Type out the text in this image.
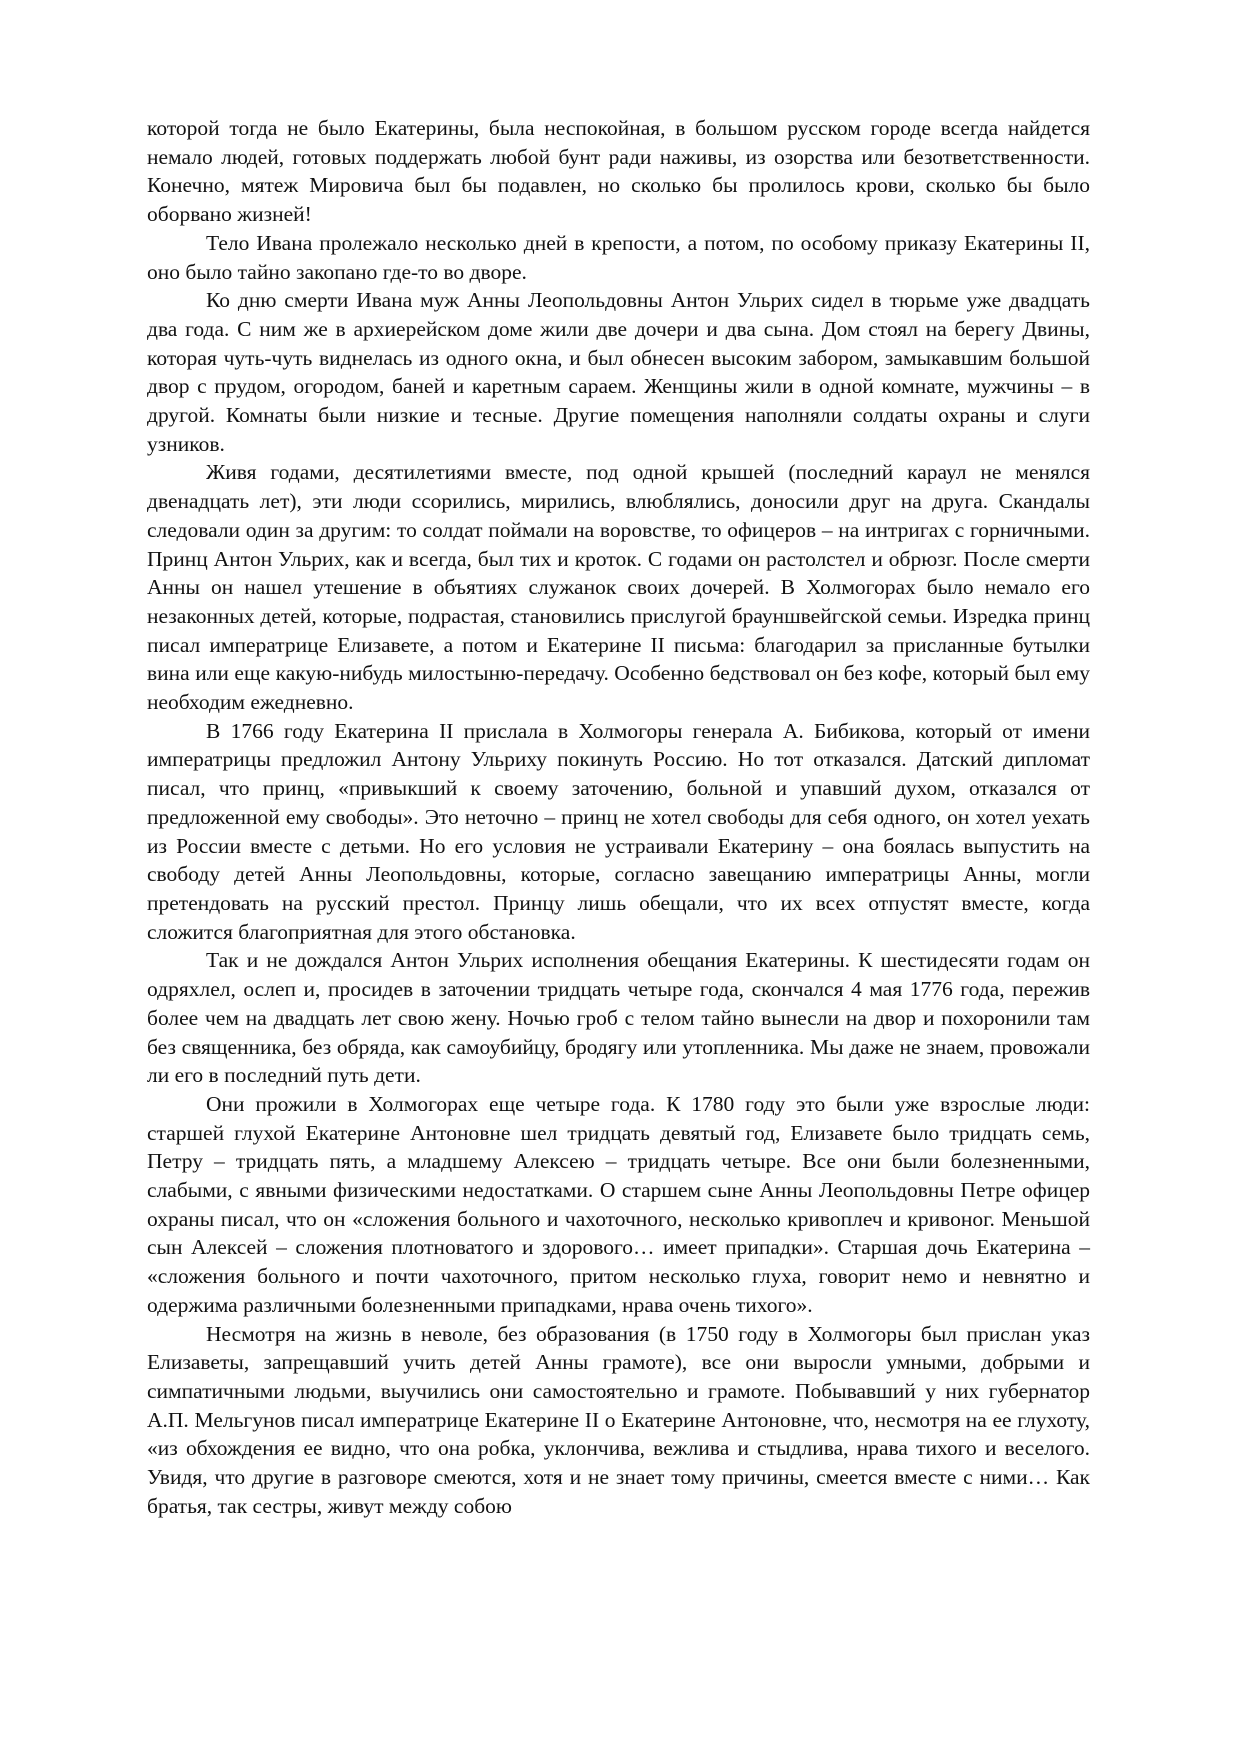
которой тогда не было Екатерины, была неспокойная, в большом русском городе всегда найдется немало людей, готовых поддержать любой бунт ради наживы, из озорства или безответственности. Конечно, мятеж Мировича был бы подавлен, но сколько бы пролилось крови, сколько бы было оборвано жизней!

Тело Ивана пролежало несколько дней в крепости, а потом, по особому приказу Екатерины II, оно было тайно закопано где-то во дворе.

Ко дню смерти Ивана муж Анны Леопольдовны Антон Ульрих сидел в тюрьме уже двадцать два года. С ним же в архиерейском доме жили две дочери и два сына. Дом стоял на берегу Двины, которая чуть-чуть виднелась из одного окна, и был обнесен высоким забором, замыкавшим большой двор с прудом, огородом, баней и каретным сараем. Женщины жили в одной комнате, мужчины – в другой. Комнаты были низкие и тесные. Другие помещения наполняли солдаты охраны и слуги узников.

Живя годами, десятилетиями вместе, под одной крышей (последний караул не менялся двенадцать лет), эти люди ссорились, мирились, влюблялись, доносили друг на друга. Скандалы следовали один за другим: то солдат поймали на воровстве, то офицеров – на интригах с горничными. Принц Антон Ульрих, как и всегда, был тих и кроток. С годами он растолстел и обрюзг. После смерти Анны он нашел утешение в объятиях служанок своих дочерей. В Холмогорах было немало его незаконных детей, которые, подрастая, становились прислугой брауншвейгской семьи. Изредка принц писал императрице Елизавете, а потом и Екатерине II письма: благодарил за присланные бутылки вина или еще какую-нибудь милостыню-передачу. Особенно бедствовал он без кофе, который был ему необходим ежедневно.

В 1766 году Екатерина II прислала в Холмогоры генерала А. Бибикова, который от имени императрицы предложил Антону Ульриху покинуть Россию. Но тот отказался. Датский дипломат писал, что принц, «привыкший к своему заточению, больной и упавший духом, отказался от предложенной ему свободы». Это неточно – принц не хотел свободы для себя одного, он хотел уехать из России вместе с детьми. Но его условия не устраивали Екатерину – она боялась выпустить на свободу детей Анны Леопольдовны, которые, согласно завещанию императрицы Анны, могли претендовать на русский престол. Принцу лишь обещали, что их всех отпустят вместе, когда сложится благоприятная для этого обстановка.

Так и не дождался Антон Ульрих исполнения обещания Екатерины. К шестидесяти годам он одряхлел, ослеп и, просидев в заточении тридцать четыре года, скончался 4 мая 1776 года, пережив более чем на двадцать лет свою жену. Ночью гроб с телом тайно вынесли на двор и похоронили там без священника, без обряда, как самоубийцу, бродягу или утопленника. Мы даже не знаем, провожали ли его в последний путь дети.

Они прожили в Холмогорах еще четыре года. К 1780 году это были уже взрослые люди: старшей глухой Екатерине Антоновне шел тридцать девятый год, Елизавете было тридцать семь, Петру – тридцать пять, а младшему Алексею – тридцать четыре. Все они были болезненными, слабыми, с явными физическими недостатками. О старшем сыне Анны Леопольдовны Петре офицер охраны писал, что он «сложения больного и чахоточного, несколько кривоплеч и кривоног. Меньшой сын Алексей – сложения плотноватого и здорового… имеет припадки». Старшая дочь Екатерина – «сложения больного и почти чахоточного, притом несколько глуха, говорит немо и невнятно и одержима различными болезненными припадками, нрава очень тихого».

Несмотря на жизнь в неволе, без образования (в 1750 году в Холмогоры был прислан указ Елизаветы, запрещавший учить детей Анны грамоте), все они выросли умными, добрыми и симпатичными людьми, выучились они самостоятельно и грамоте. Побывавший у них губернатор А.П. Мельгунов писал императрице Екатерине II о Екатерине Антоновне, что, несмотря на ее глухоту, «из обхождения ее видно, что она робка, уклончива, вежлива и стыдлива, нрава тихого и веселого. Увидя, что другие в разговоре смеются, хотя и не знает тому причины, смеется вместе с ними… Как братья, так сестры, живут между собою
